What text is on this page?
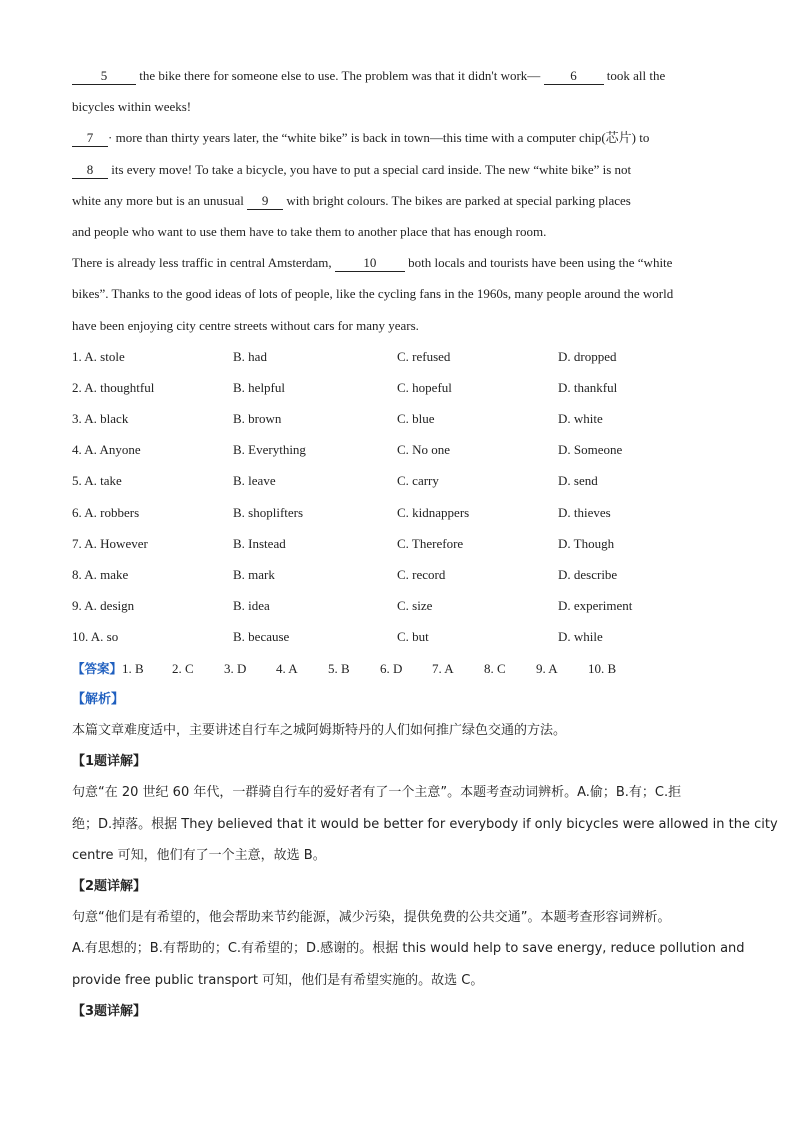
5 the bike there for someone else to use. The problem was that it didn't work— 6 took all the
bicycles within weeks!
7 · more than thirty years later, the “white bike” is back in town—this time with a computer chip(芯片) to
8 its every move! To take a bicycle, you have to put a special card inside. The new “white bike” is not
white any more but is an unusual 9 with bright colours. The bikes are parked at special parking places
and people who want to use them have to take them to another place that has enough room.
There is already less traffic in central Amsterdam, 10 both locals and tourists have been using the “white
bikes”. Thanks to the good ideas of lots of people, like the cycling fans in the 1960s, many people around the world
have been enjoying city centre streets without cars for many years.
1. A. stole	B. had	C. refused	D. dropped
2. A. thoughtful	B. helpful	C. hopeful	D. thankful
3. A. black	B. brown	C. blue	D. white
4. A. Anyone	B. Everything	C. No one	D. Someone
5. A. take	B. leave	C. carry	D. send
6. A. robbers	B. shoplifters	C. kidnappers	D. thieves
7. A. However	B. Instead	C. Therefore	D. Though
8. A. make	B. mark	C. record	D. describe
9. A. design	B. idea	C. size	D. experiment
10. A. so	B. because	C. but	D. while
【答案】1. B 2. C 3. D 4. A 5. B 6. D 7. A 8. C 9. A 10. B
【解析】
本篇文章难度适中，主要讲述自行车之城阿姆斯特丹的人们如何推广绿色交通的方法。
【1题详解】
句意“在 20 世纪 60 年代，一群骑自行车的爱好者有了一个主意”。本题考查动词辨析。A.偷；B.有；C.拒
绝；D.掉落。根据 They believed that it would be better for everybody if only bicycles were allowed in the city
centre 可知，他们有了一个主意，故选 B。
【2题详解】
句意“他们是有希望的，他会帮助来节约能源，减少污染，提供免费的公共交通”。本题考查形容词辨析。
A.有思想的；B.有帮助的；C.有希望的；D.感谢的。根据 this would help to save energy, reduce pollution and
provide free public transport 可知，他们是有希望实施的。故选 C。
【3题详解】
